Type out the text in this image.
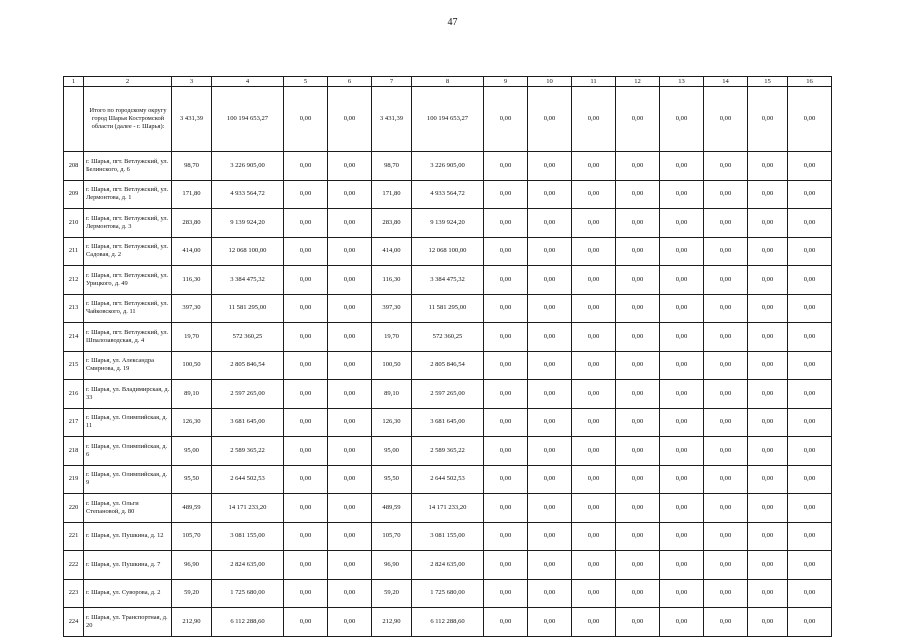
47
1	2	3	4	5	6	7	8	9	10	11	12	13	14	15	16
	Итого по городскому округу город Шарья Костромской области (далее - г. Шарья):	3 431,39	100 194 653,27	0,00	0,00	3 431,39	100 194 653,27	0,00	0,00	0,00	0,00	0,00	0,00	0,00	0,00
208	г. Шарья, пгт. Ветлужский, ул. Белинского, д. 6	98,70	3 226 905,00	0,00	0,00	98,70	3 226 905,00	0,00	0,00	0,00	0,00	0,00	0,00	0,00	0,00
209	г. Шарья, пгт. Ветлужский, ул. Лермонтова, д. 1	171,80	4 933 564,72	0,00	0,00	171,80	4 933 564,72	0,00	0,00	0,00	0,00	0,00	0,00	0,00	0,00
210	г. Шарья, пгт. Ветлужский, ул. Лермонтова, д. 3	283,80	9 139 924,20	0,00	0,00	283,80	9 139 924,20	0,00	0,00	0,00	0,00	0,00	0,00	0,00	0,00
211	г. Шарья, пгт. Ветлужский, ул. Садовая, д. 2	414,00	12 068 100,00	0,00	0,00	414,00	12 068 100,00	0,00	0,00	0,00	0,00	0,00	0,00	0,00	0,00
212	г. Шарья, пгт. Ветлужский, ул. Урицкого, д. 49	116,30	3 384 475,32	0,00	0,00	116,30	3 384 475,32	0,00	0,00	0,00	0,00	0,00	0,00	0,00	0,00
213	г. Шарья, пгт. Ветлужский, ул. Чайковского, д. 11	397,30	11 581 295,00	0,00	0,00	397,30	11 581 295,00	0,00	0,00	0,00	0,00	0,00	0,00	0,00	0,00
214	г. Шарья, пгт. Ветлужский, ул. Шпалозаводская, д. 4	19,70	572 360,25	0,00	0,00	19,70	572 360,25	0,00	0,00	0,00	0,00	0,00	0,00	0,00	0,00
215	г. Шарья, ул. Александра Смирнова, д. 19	100,50	2 805 846,54	0,00	0,00	100,50	2 805 846,54	0,00	0,00	0,00	0,00	0,00	0,00	0,00	0,00
216	г. Шарья, ул. Владимирская, д. 33	89,10	2 597 265,00	0,00	0,00	89,10	2 597 265,00	0,00	0,00	0,00	0,00	0,00	0,00	0,00	0,00
217	г. Шарья, ул. Олимпийская, д. 11	126,30	3 681 645,00	0,00	0,00	126,30	3 681 645,00	0,00	0,00	0,00	0,00	0,00	0,00	0,00	0,00
218	г. Шарья, ул. Олимпийская, д. 6	95,00	2 589 365,22	0,00	0,00	95,00	2 589 365,22	0,00	0,00	0,00	0,00	0,00	0,00	0,00	0,00
219	г. Шарья, ул. Олимпийская, д. 9	95,50	2 644 502,53	0,00	0,00	95,50	2 644 502,53	0,00	0,00	0,00	0,00	0,00	0,00	0,00	0,00
220	г. Шарья, ул. Ольги Степановой, д. 80	489,59	14 171 233,20	0,00	0,00	489,59	14 171 233,20	0,00	0,00	0,00	0,00	0,00	0,00	0,00	0,00
221	г. Шарья, ул. Пушкина, д. 12	105,70	3 081 155,00	0,00	0,00	105,70	3 081 155,00	0,00	0,00	0,00	0,00	0,00	0,00	0,00	0,00
222	г. Шарья, ул. Пушкина, д. 7	96,90	2 824 635,00	0,00	0,00	96,90	2 824 635,00	0,00	0,00	0,00	0,00	0,00	0,00	0,00	0,00
223	г. Шарья, ул. Суворова, д. 2	59,20	1 725 680,00	0,00	0,00	59,20	1 725 680,00	0,00	0,00	0,00	0,00	0,00	0,00	0,00	0,00
224	г. Шарья, ул. Транспортная, д. 20	212,90	6 112 288,60	0,00	0,00	212,90	6 112 288,60	0,00	0,00	0,00	0,00	0,00	0,00	0,00	0,00
